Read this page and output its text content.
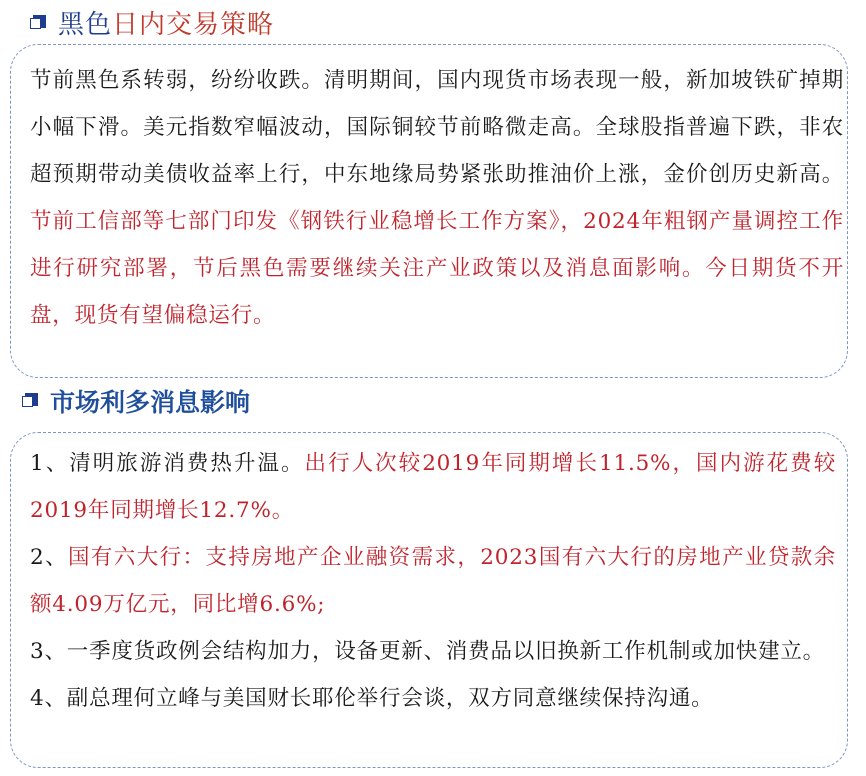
黑色日内交易策略

节前黑色系转弱，纷纷收跌。清明期间，国内现货市场表现一般，新加坡铁矿掉期小幅下滑。美元指数窄幅波动，国际铜较节前略微走高。全球股指普遍下跌，非农超预期带动美债收益率上行，中东地缘局势紧张助推油价上涨，金价创历史新高。节前工信部等七部门印发《钢铁行业稳增长工作方案》，2024年粗钢产量调控工作进行研究部署，节后黑色需要继续关注产业政策以及消息面影响。今日期货不开盘，现货有望偏稳运行。

市场利多消息影响

1、清明旅游消费热升温。出行人次较2019年同期增长11.5%，国内游花费较2019年同期增长12.7%。

2、国有六大行：支持房地产企业融资需求，2023国有六大行的房地产业贷款余额4.09万亿元，同比增6.6%;

3、一季度货政例会结构加力，设备更新、消费品以旧换新工作机制或加快建立。

4、副总理何立峰与美国财长耶伦举行会谈，双方同意继续保持沟通。
